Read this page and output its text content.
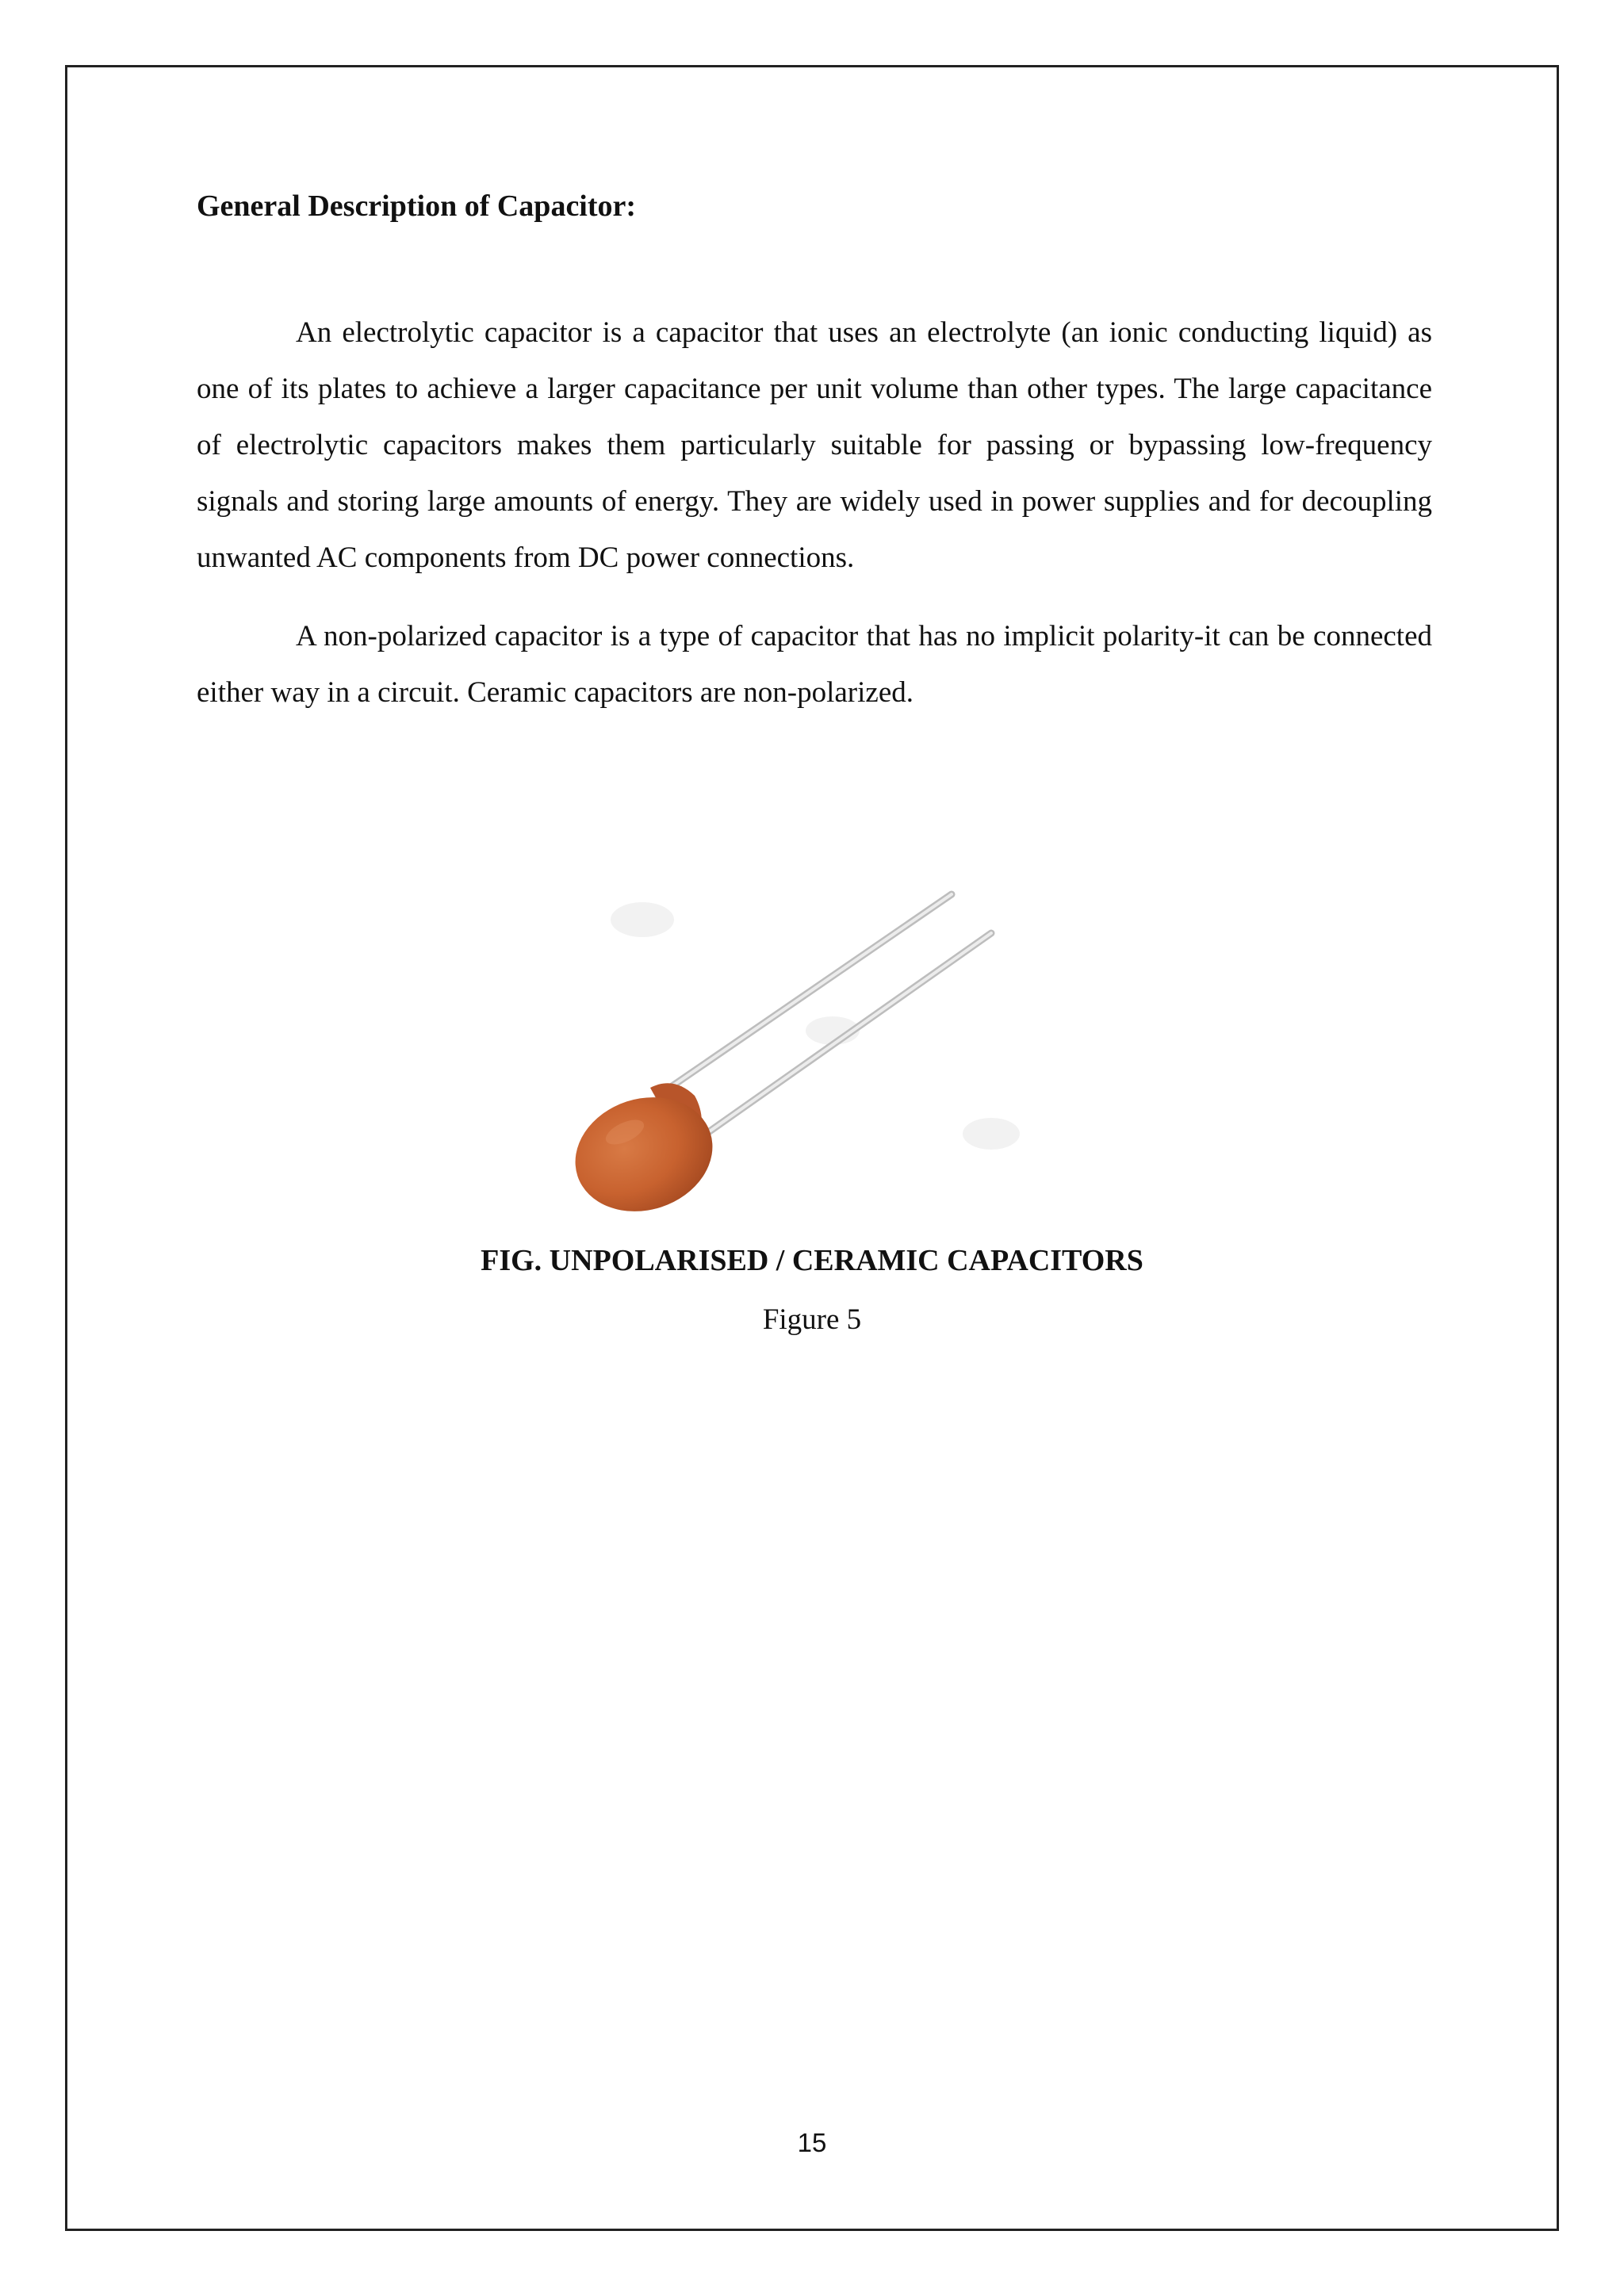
General Description of Capacitor:

An electrolytic capacitor is a capacitor that uses an electrolyte (an ionic conducting liquid) as one of its plates to achieve a larger capacitance per unit volume than other types. The large capacitance of electrolytic capacitors makes them particularly suitable for passing or bypassing low-frequency signals and storing large amounts of energy. They are widely used in power supplies and for decoupling unwanted AC components from DC power connections.

A non-polarized capacitor is a type of capacitor that has no implicit polarity-it can be connected either way in a circuit. Ceramic capacitors are non-polarized.

FIG. UNPOLARISED / CERAMIC CAPACITORS

Figure 5

15
